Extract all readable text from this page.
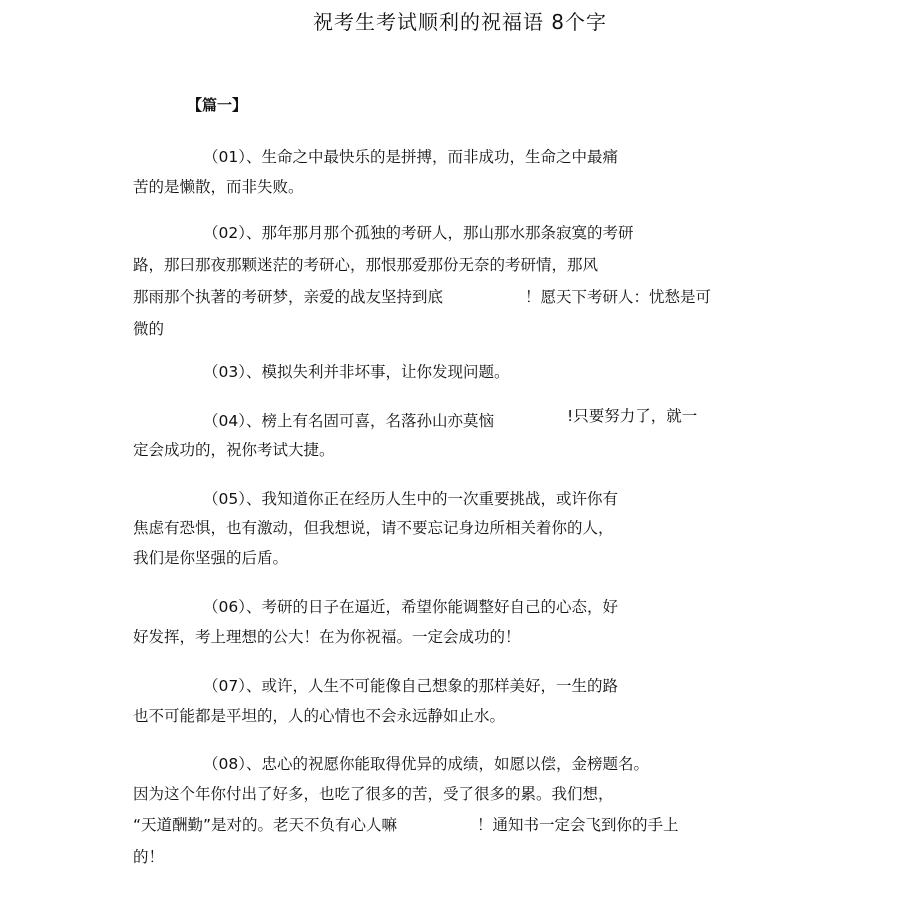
祝考生考试顺利的祝福语 8个字
【篇一】
（01）、生命之中最快乐的是拼搏，而非成功，生命之中最痛
苦的是懒散，而非失败。
（02）、那年那月那个孤独的考研人，那山那水那条寂寞的考研
路，那曰那夜那颗迷茫的考研心，那恨那爱那份无奈的考研情，那风
那雨那个执著的考研梦，亲爱的战友坚持到底	！愿天下考研人：忧愁是可
微的
（03）、模拟失利并非坏事，让你发现问题。
（04）、榜上有名固可喜，名落孙山亦莫恼	!只要努力了，就一
定会成功的，祝你考试大捷。
（05）、我知道你正在经历人生中的一次重要挑战，或许你有
焦虑有恐惧，也有激动，但我想说，请不要忘记身边所相关着你的人，
我们是你坚强的后盾。
（06）、考研的日子在逼近，希望你能调整好自己的心态，好
好发挥，考上理想的公大！在为你祝福。一定会成功的！
（07）、或许，人生不可能像自己想象的那样美好，一生的路
也不可能都是平坦的，人的心情也不会永远静如止水。
（08）、忠心的祝愿你能取得优异的成绩，如愿以偿，金榜题名。
因为这个年你付出了好多，也吃了很多的苦，受了很多的累。我们想，
“天道酬勤”是对的。老天不负有心人嘛	！通知书一定会飞到你的手上
的！
